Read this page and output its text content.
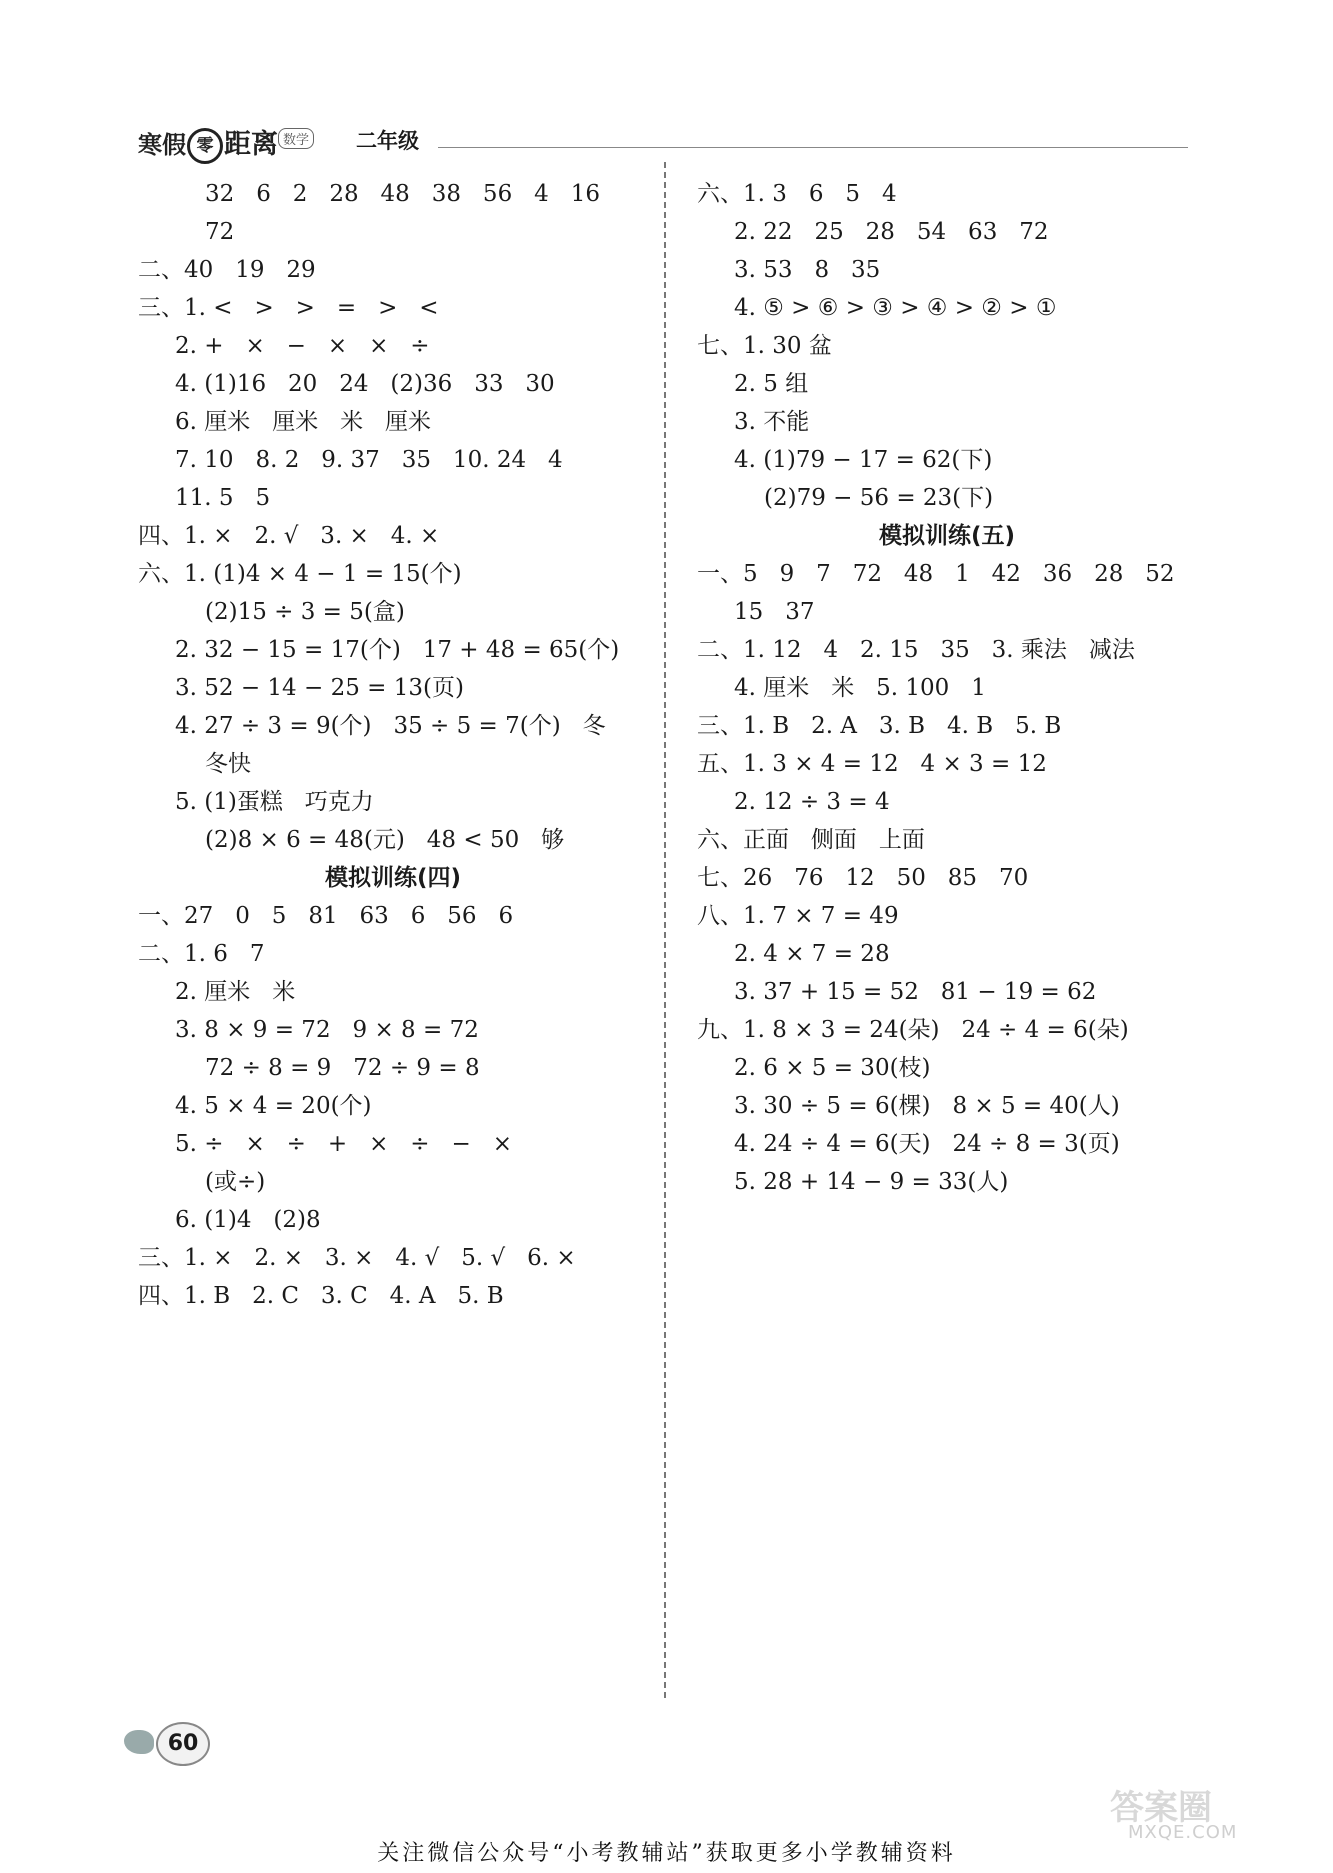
寒假 零 距离 数学 二年级
32   6   2   28   48   38   56   4   16
72
二、40   19   29
三、1. <   >   >   =   >   <
2. +   ×   −   ×   ×   ÷
4. (1)16   20   24   (2)36   33   30
6. 厘米   厘米   米   厘米
7. 10   8. 2   9. 37   35   10. 24   4
11. 5   5
四、1. ×   2. √   3. ×   4. ×
六、1. (1)4 × 4 − 1 = 15(个)
(2)15 ÷ 3 = 5(盒)
2. 32 − 15 = 17(个)   17 + 48 = 65(个)
3. 52 − 14 − 25 = 13(页)
4. 27 ÷ 3 = 9(个)   35 ÷ 5 = 7(个)   冬
冬快
5. (1)蛋糕   巧克力
(2)8 × 6 = 48(元)   48 < 50   够
模拟训练(四)
一、27   0   5   81   63   6   56   6
二、1. 6   7
2. 厘米   米
3. 8 × 9 = 72   9 × 8 = 72
72 ÷ 8 = 9   72 ÷ 9 = 8
4. 5 × 4 = 20(个)
5. ÷   ×   ÷   +   ×   ÷   −   ×
(或÷)
6. (1)4   (2)8
三、1. ×   2. ×   3. ×   4. √   5. √   6. ×
四、1. B   2. C   3. C   4. A   5. B
六、1. 3   6   5   4
2. 22   25   28   54   63   72
3. 53   8   35
4. ⑤ > ⑥ > ③ > ④ > ② > ①
七、1. 30 盆
2. 5 组
3. 不能
4. (1)79 − 17 = 62(下)
(2)79 − 56 = 23(下)
模拟训练(五)
一、5   9   7   72   48   1   42   36   28   52
15   37
二、1. 12   4   2. 15   35   3. 乘法   减法
4. 厘米   米   5. 100   1
三、1. B   2. A   3. B   4. B   5. B
五、1. 3 × 4 = 12   4 × 3 = 12
2. 12 ÷ 3 = 4
六、正面   侧面   上面
七、26   76   12   50   85   70
八、1. 7 × 7 = 49
2. 4 × 7 = 28
3. 37 + 15 = 52   81 − 19 = 62
九、1. 8 × 3 = 24(朵)   24 ÷ 4 = 6(朵)
2. 6 × 5 = 30(枝)
3. 30 ÷ 5 = 6(棵)   8 × 5 = 40(人)
4. 24 ÷ 4 = 6(天)   24 ÷ 8 = 3(页)
5. 28 + 14 − 9 = 33(人)
60
答案圈
MXQE.COM
关注微信公众号“小考教辅站”获取更多小学教辅资料
